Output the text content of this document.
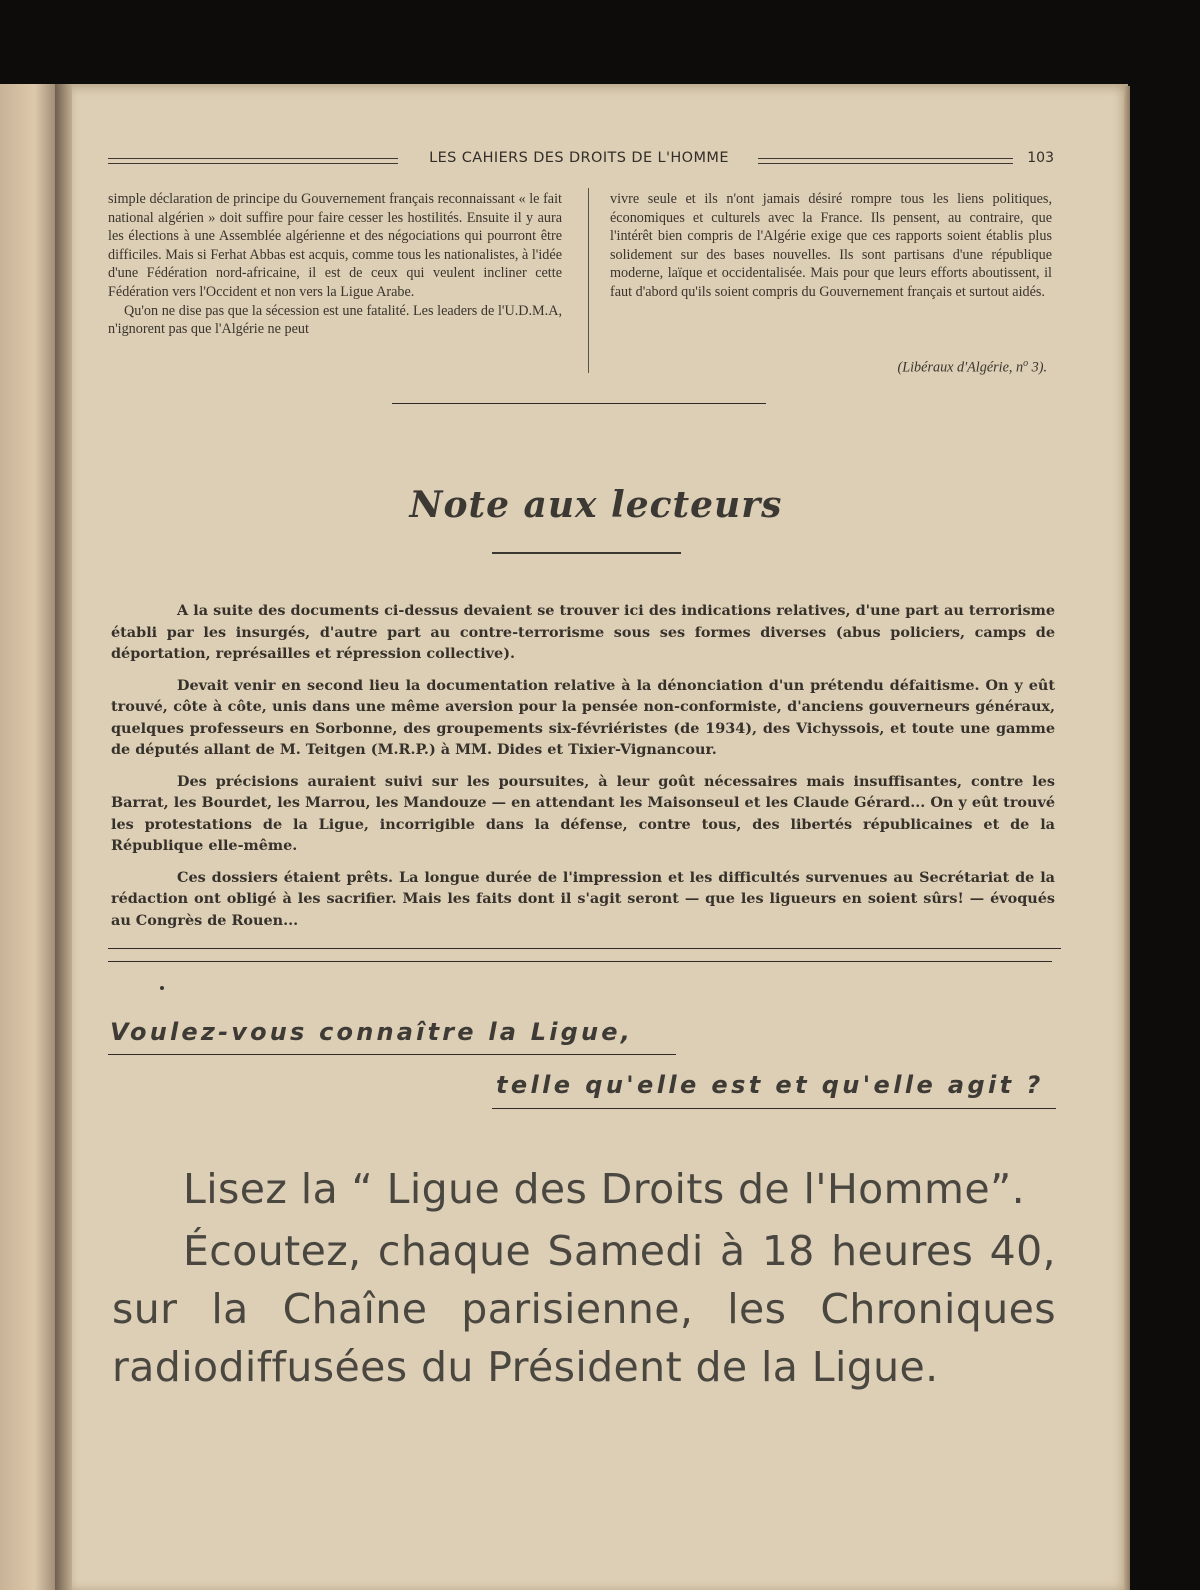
LES CAHIERS DES DROITS DE L'HOMME	103

simple déclaration de principe du Gouvernement français reconnaissant « le fait national algérien » doit suffire pour faire cesser les hostilités. Ensuite il y aura les élections à une Assemblée algérienne et des négociations qui pourront être difficiles. Mais si Ferhat Abbas est acquis, comme tous les nationalistes, à l'idée d'une Fédération nord-africaine, il est de ceux qui veulent incliner cette Fédération vers l'Occident et non vers la Ligue Arabe.

Qu'on ne dise pas que la sécession est une fatalité. Les leaders de l'U.D.M.A, n'ignorent pas que l'Algérie ne peut

vivre seule et ils n'ont jamais désiré rompre tous les liens politiques, économiques et culturels avec la France. Ils pensent, au contraire, que l'intérêt bien compris de l'Algérie exige que ces rapports soient établis plus solidement sur des bases nouvelles. Ils sont partisans d'une république moderne, laïque et occidentalisée. Mais pour que leurs efforts aboutissent, il faut d'abord qu'ils soient compris du Gouvernement français et surtout aidés.

(Libéraux d'Algérie, $n^o$ 3).
Note aux lecteurs

A la suite des documents ci-dessus devaient se trouver ici des indications relatives, d'une part au terrorisme établi par les insurgés, d'autre part au contre-terrorisme sous ses formes diverses (abus policiers, camps de déportation, représailles et répression collective).

Devait venir en second lieu la documentation relative à la dénonciation d'un prétendu défaitisme. On y eût trouvé, côte à côte, unis dans une même aversion pour la pensée non-conformiste, d'anciens gouverneurs généraux, quelques professeurs en Sorbonne, des groupements six-févriéristes (de 1934), des Vichyssois, et toute une gamme de députés allant de M. Teitgen (M.R.P.) à MM. Dides et Tixier-Vignancour.

Des précisions auraient suivi sur les poursuites, à leur goût nécessaires mais insuffisantes, contre les Barrat, les Bourdet, les Marrou, les Mandouze — en attendant les Maisonseul et les Claude Gérard... On y eût trouvé les protestations de la Ligue, incorrigible dans la défense, contre tous, des libertés républicaines et de la République elle-même.

Ces dossiers étaient prêts. La longue durée de l'impression et les difficultés survenues au Secrétariat de la rédaction ont obligé à les sacrifier. Mais les faits dont il s'agit seront — que les ligueurs en soient sûrs! — évoqués au Congrès de Rouen...

Voulez-vous connaître la Ligue,
telle qu'elle est et qu'elle agit ?
Lisez la “ Ligue des Droits de l'Homme”.
Écoutez, chaque Samedi à 18 heures 40, sur la Chaîne parisienne, les Chroniques radiodiffusées du Président de la Ligue.
